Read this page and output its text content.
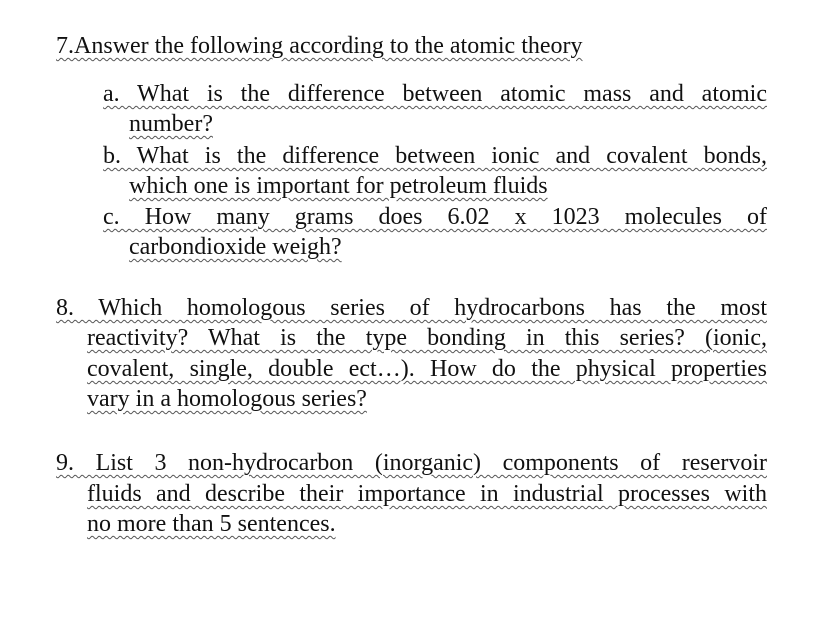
7.Answer the following according to the atomic theory
a. What is the difference between atomic mass and atomic
number?
b. What is the difference between ionic and covalent bonds,
which one is important for petroleum fluids
c. How many grams does 6.02 x 1023 molecules of
carbondioxide weigh?
8. Which homologous series of hydrocarbons has the most
reactivity? What is the type bonding in this series? (ionic,
covalent, single, double ect…). How do the physical properties
vary in a homologous series?
9. List 3 non-hydrocarbon (inorganic) components of reservoir
fluids and describe their importance in industrial processes with
no more than 5 sentences.
